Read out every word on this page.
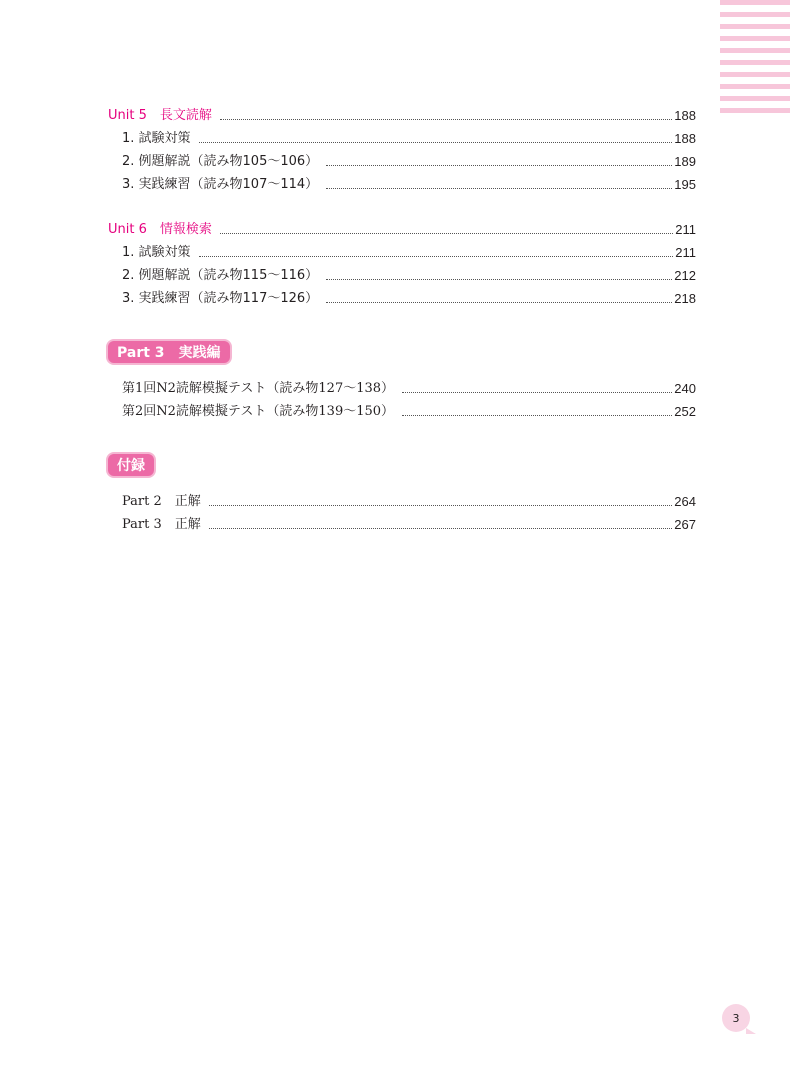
Unit 5　長文読解	188
1. 試験対策	188
2. 例題解説（読み物105〜106）	189
3. 実践練習（読み物107〜114）	195
Unit 6　情報検索	211
1. 試験対策	211
2. 例題解説（読み物115〜116）	212
3. 実践練習（読み物117〜126）	218
Part 3　実践編
第1回N2読解模擬テスト（読み物127〜138）	240
第2回N2読解模擬テスト（読み物139〜150）	252
付録
Part 2　正解	264
Part 3　正解	267
3
